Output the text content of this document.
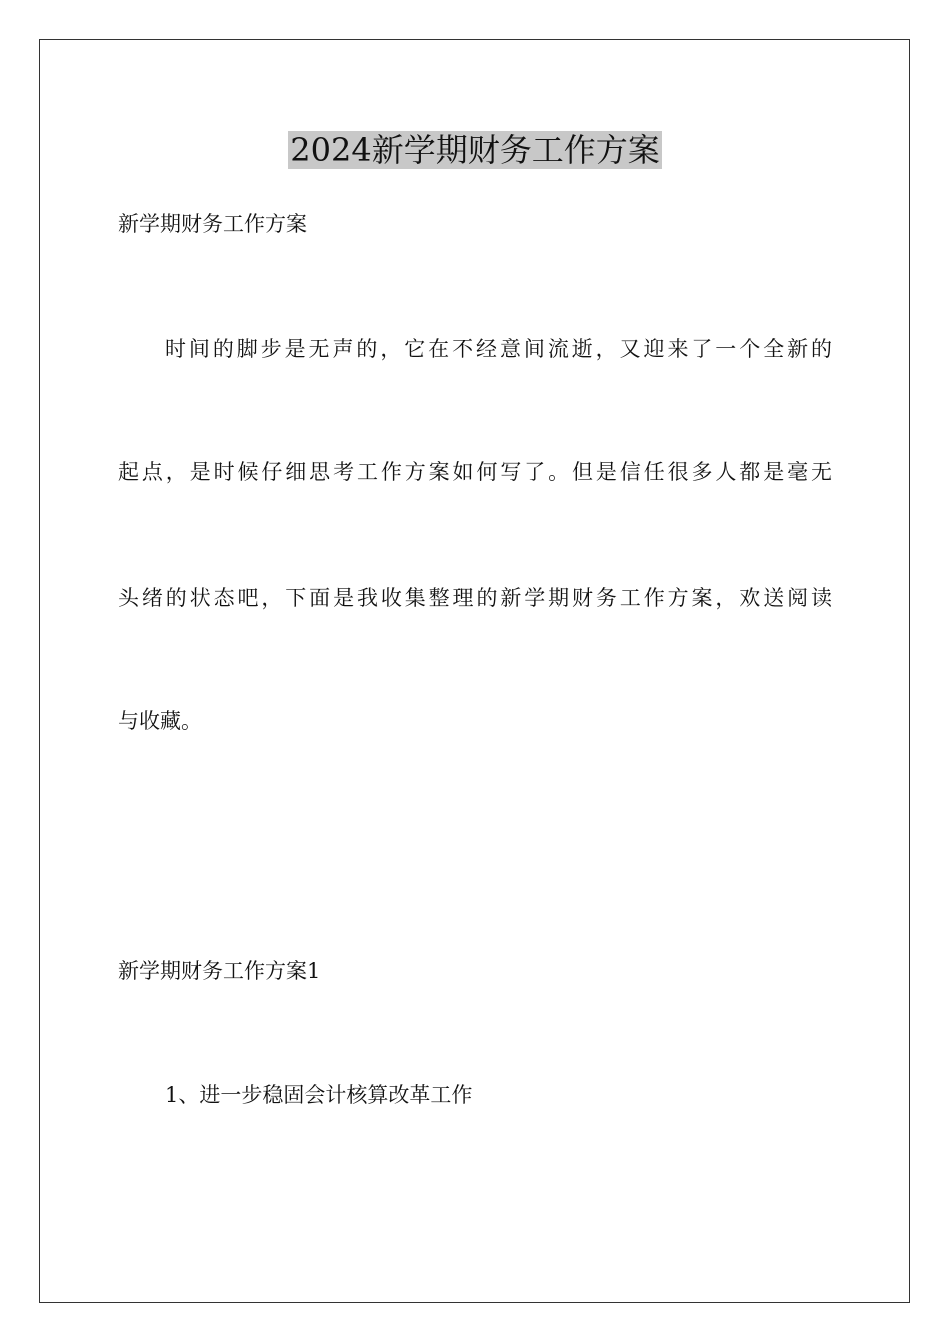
2024新学期财务工作方案

新学期财务工作方案

时间的脚步是无声的，它在不经意间流逝，又迎来了一个全新的

起点，是时候仔细思考工作方案如何写了。但是信任很多人都是毫无

头绪的状态吧，下面是我收集整理的新学期财务工作方案，欢送阅读

与收藏。

新学期财务工作方案1

1、进一步稳固会计核算改革工作
